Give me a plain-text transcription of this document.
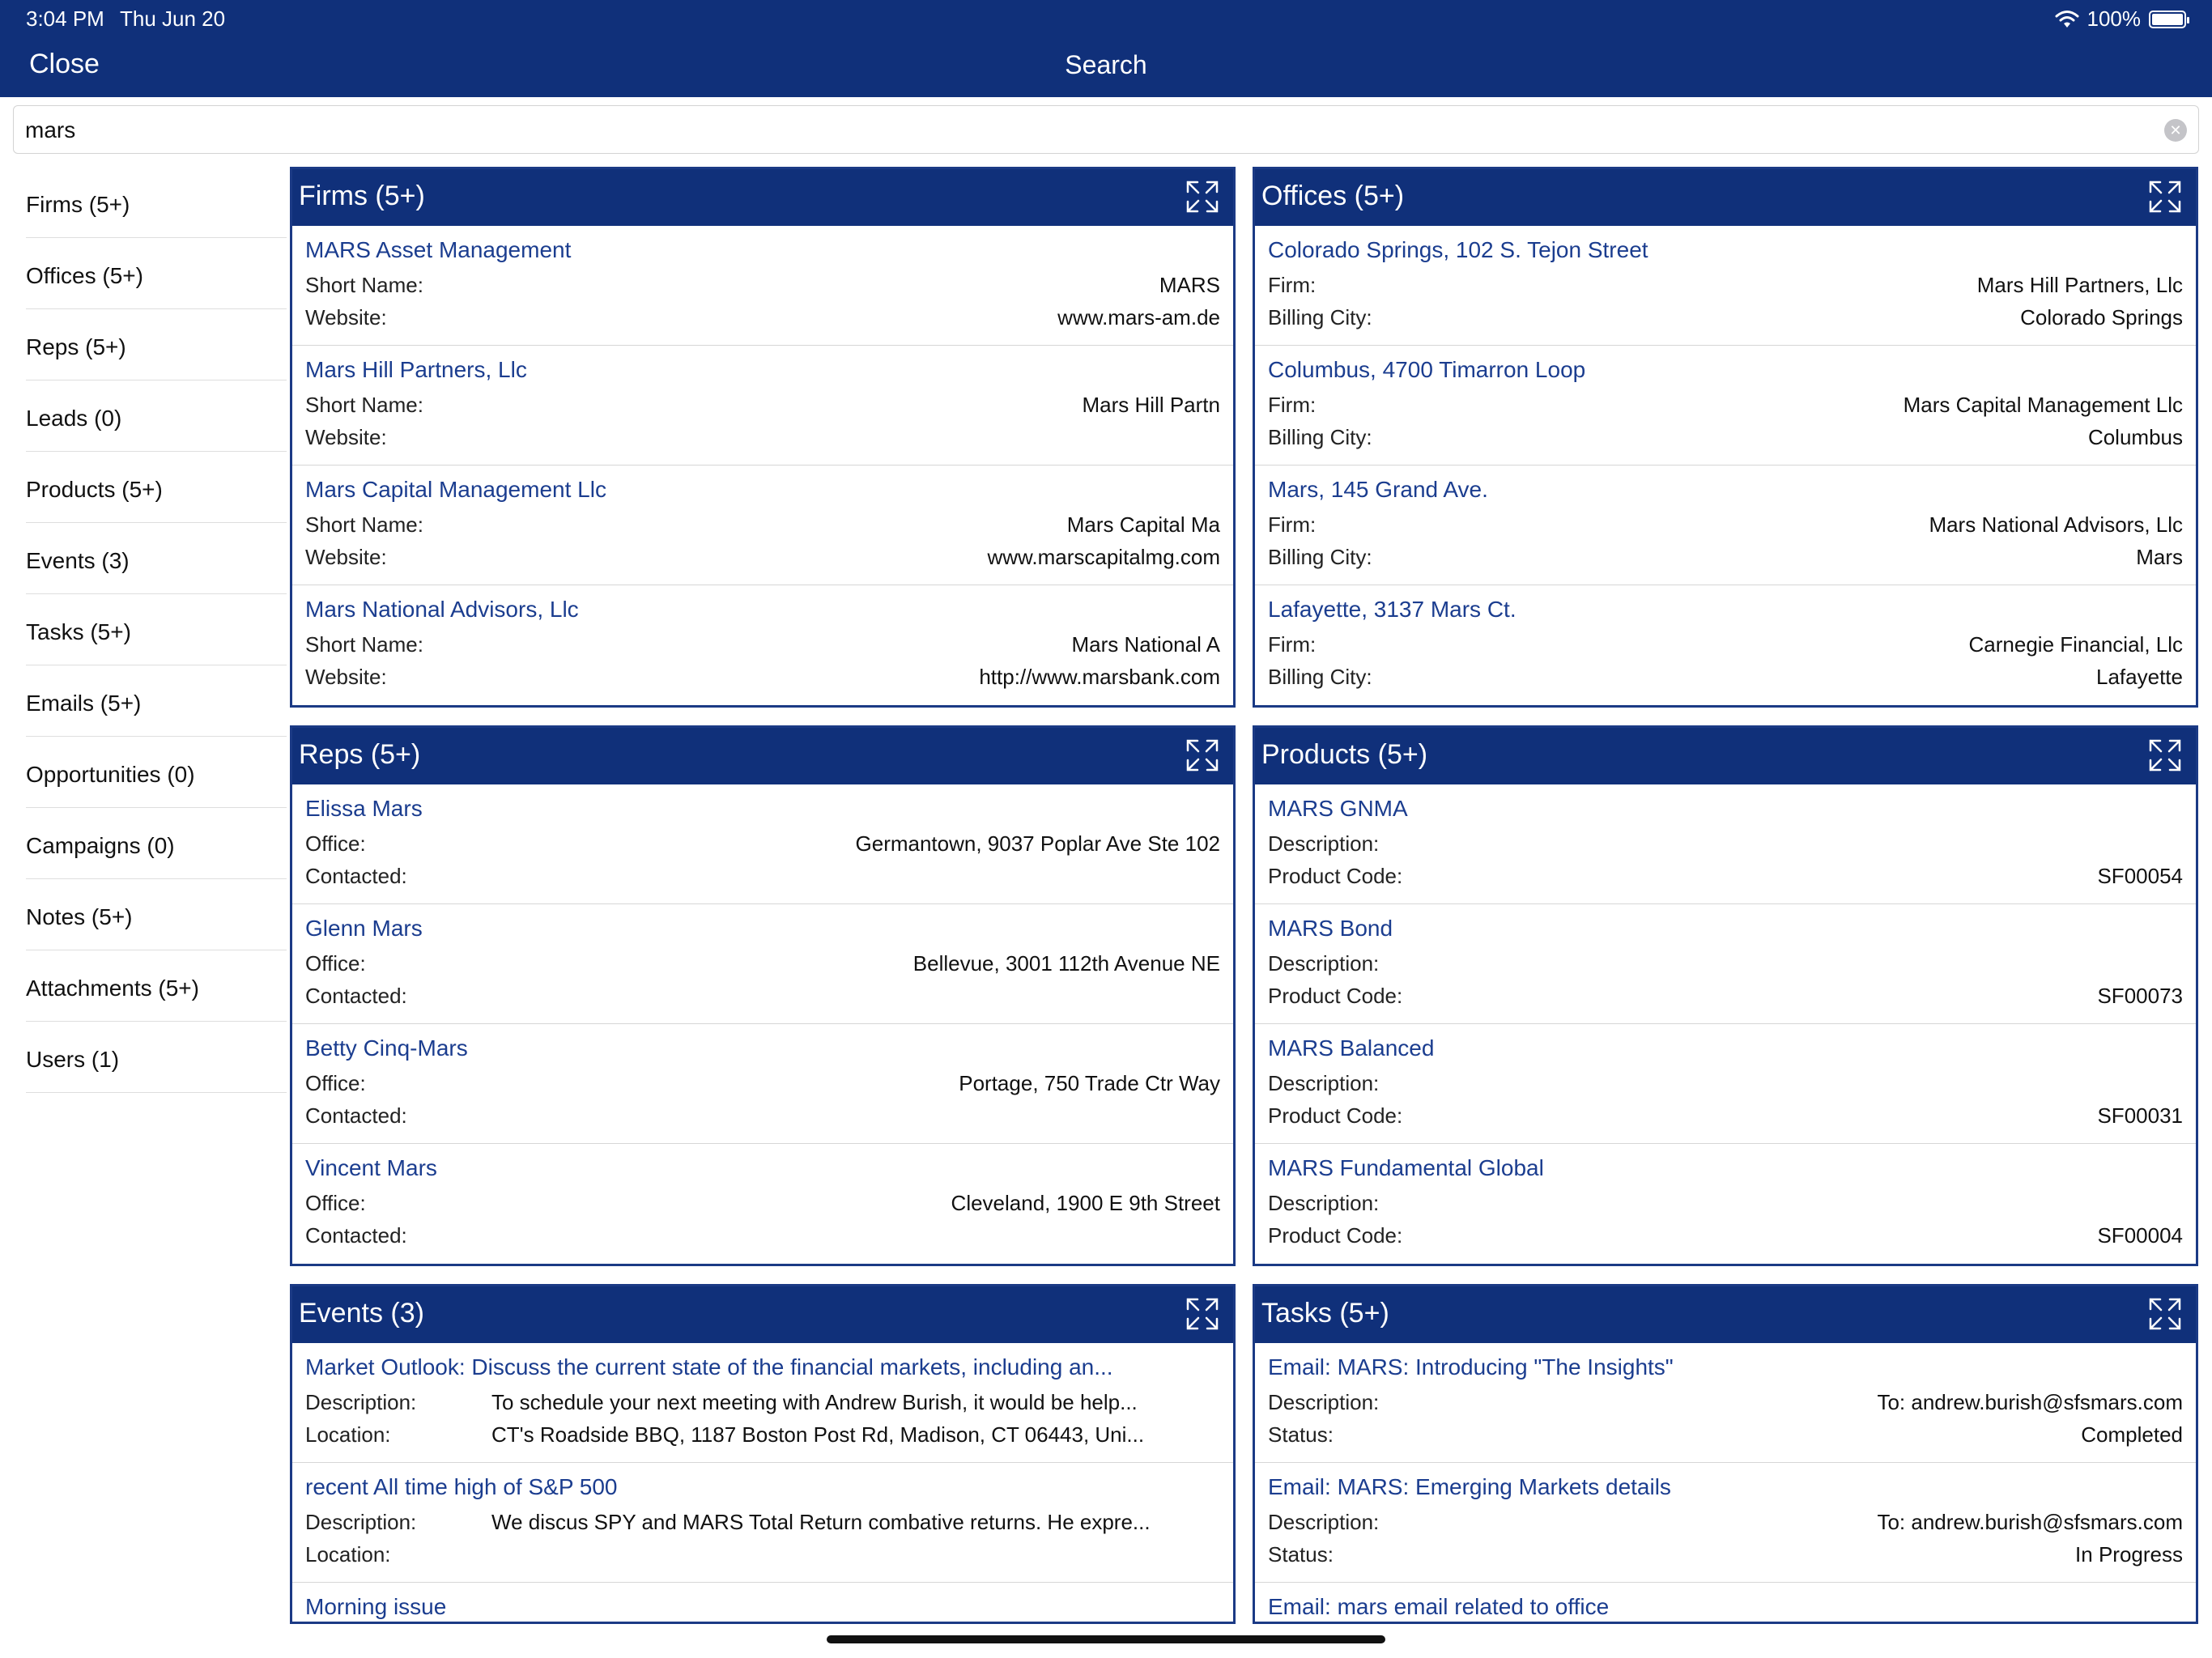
3:04 PM Thu Jun 20	100%
Close	Search
mars	✕
Firms (5+)
Offices (5+)
Reps (5+)
Leads (0)
Products (5+)
Events (3)
Tasks (5+)
Emails (5+)
Opportunities (0)
Campaigns (0)
Notes (5+)
Attachments (5+)
Users (1)
Firms (5+)
MARS Asset Management
Short Name:	MARS
Website:	www.mars-am.de
Mars Hill Partners, Llc
Short Name:	Mars Hill Partn
Website:
Mars Capital Management Llc
Short Name:	Mars Capital Ma
Website:	www.marscapitalmg.com
Mars National Advisors, Llc
Short Name:	Mars National A
Website:	http://www.marsbank.com
Offices (5+)
Colorado Springs, 102 S. Tejon Street
Firm:	Mars Hill Partners, Llc
Billing City:	Colorado Springs
Columbus, 4700 Timarron Loop
Firm:	Mars Capital Management Llc
Billing City:	Columbus
Mars, 145 Grand Ave.
Firm:	Mars National Advisors, Llc
Billing City:	Mars
Lafayette, 3137 Mars Ct.
Firm:	Carnegie Financial, Llc
Billing City:	Lafayette
Reps (5+)
Elissa Mars
Office:	Germantown, 9037 Poplar Ave Ste 102
Contacted:
Glenn Mars
Office:	Bellevue, 3001 112th Avenue NE
Contacted:
Betty Cinq-Mars
Office:	Portage, 750 Trade Ctr Way
Contacted:
Vincent Mars
Office:	Cleveland, 1900 E 9th Street
Contacted:
Products (5+)
MARS GNMA
Description:
Product Code:	SF00054
MARS Bond
Description:
Product Code:	SF00073
MARS Balanced
Description:
Product Code:	SF00031
MARS Fundamental Global
Description:
Product Code:	SF00004
Events (3)
Market Outlook: Discuss the current state of the financial markets, including an...
Description:	To schedule your next meeting with Andrew Burish, it would be help...
Location:	CT's Roadside BBQ, 1187 Boston Post Rd, Madison, CT 06443, Uni...
recent All time high of S&P 500
Description:	We discus SPY and MARS Total Return combative returns. He expre...
Location:
Morning issue
Tasks (5+)
Email: MARS: Introducing "The Insights"
Description:	To: andrew.burish@sfsmars.com
Status:	Completed
Email: MARS: Emerging Markets details
Description:	To: andrew.burish@sfsmars.com
Status:	In Progress
Email: mars email related to office
